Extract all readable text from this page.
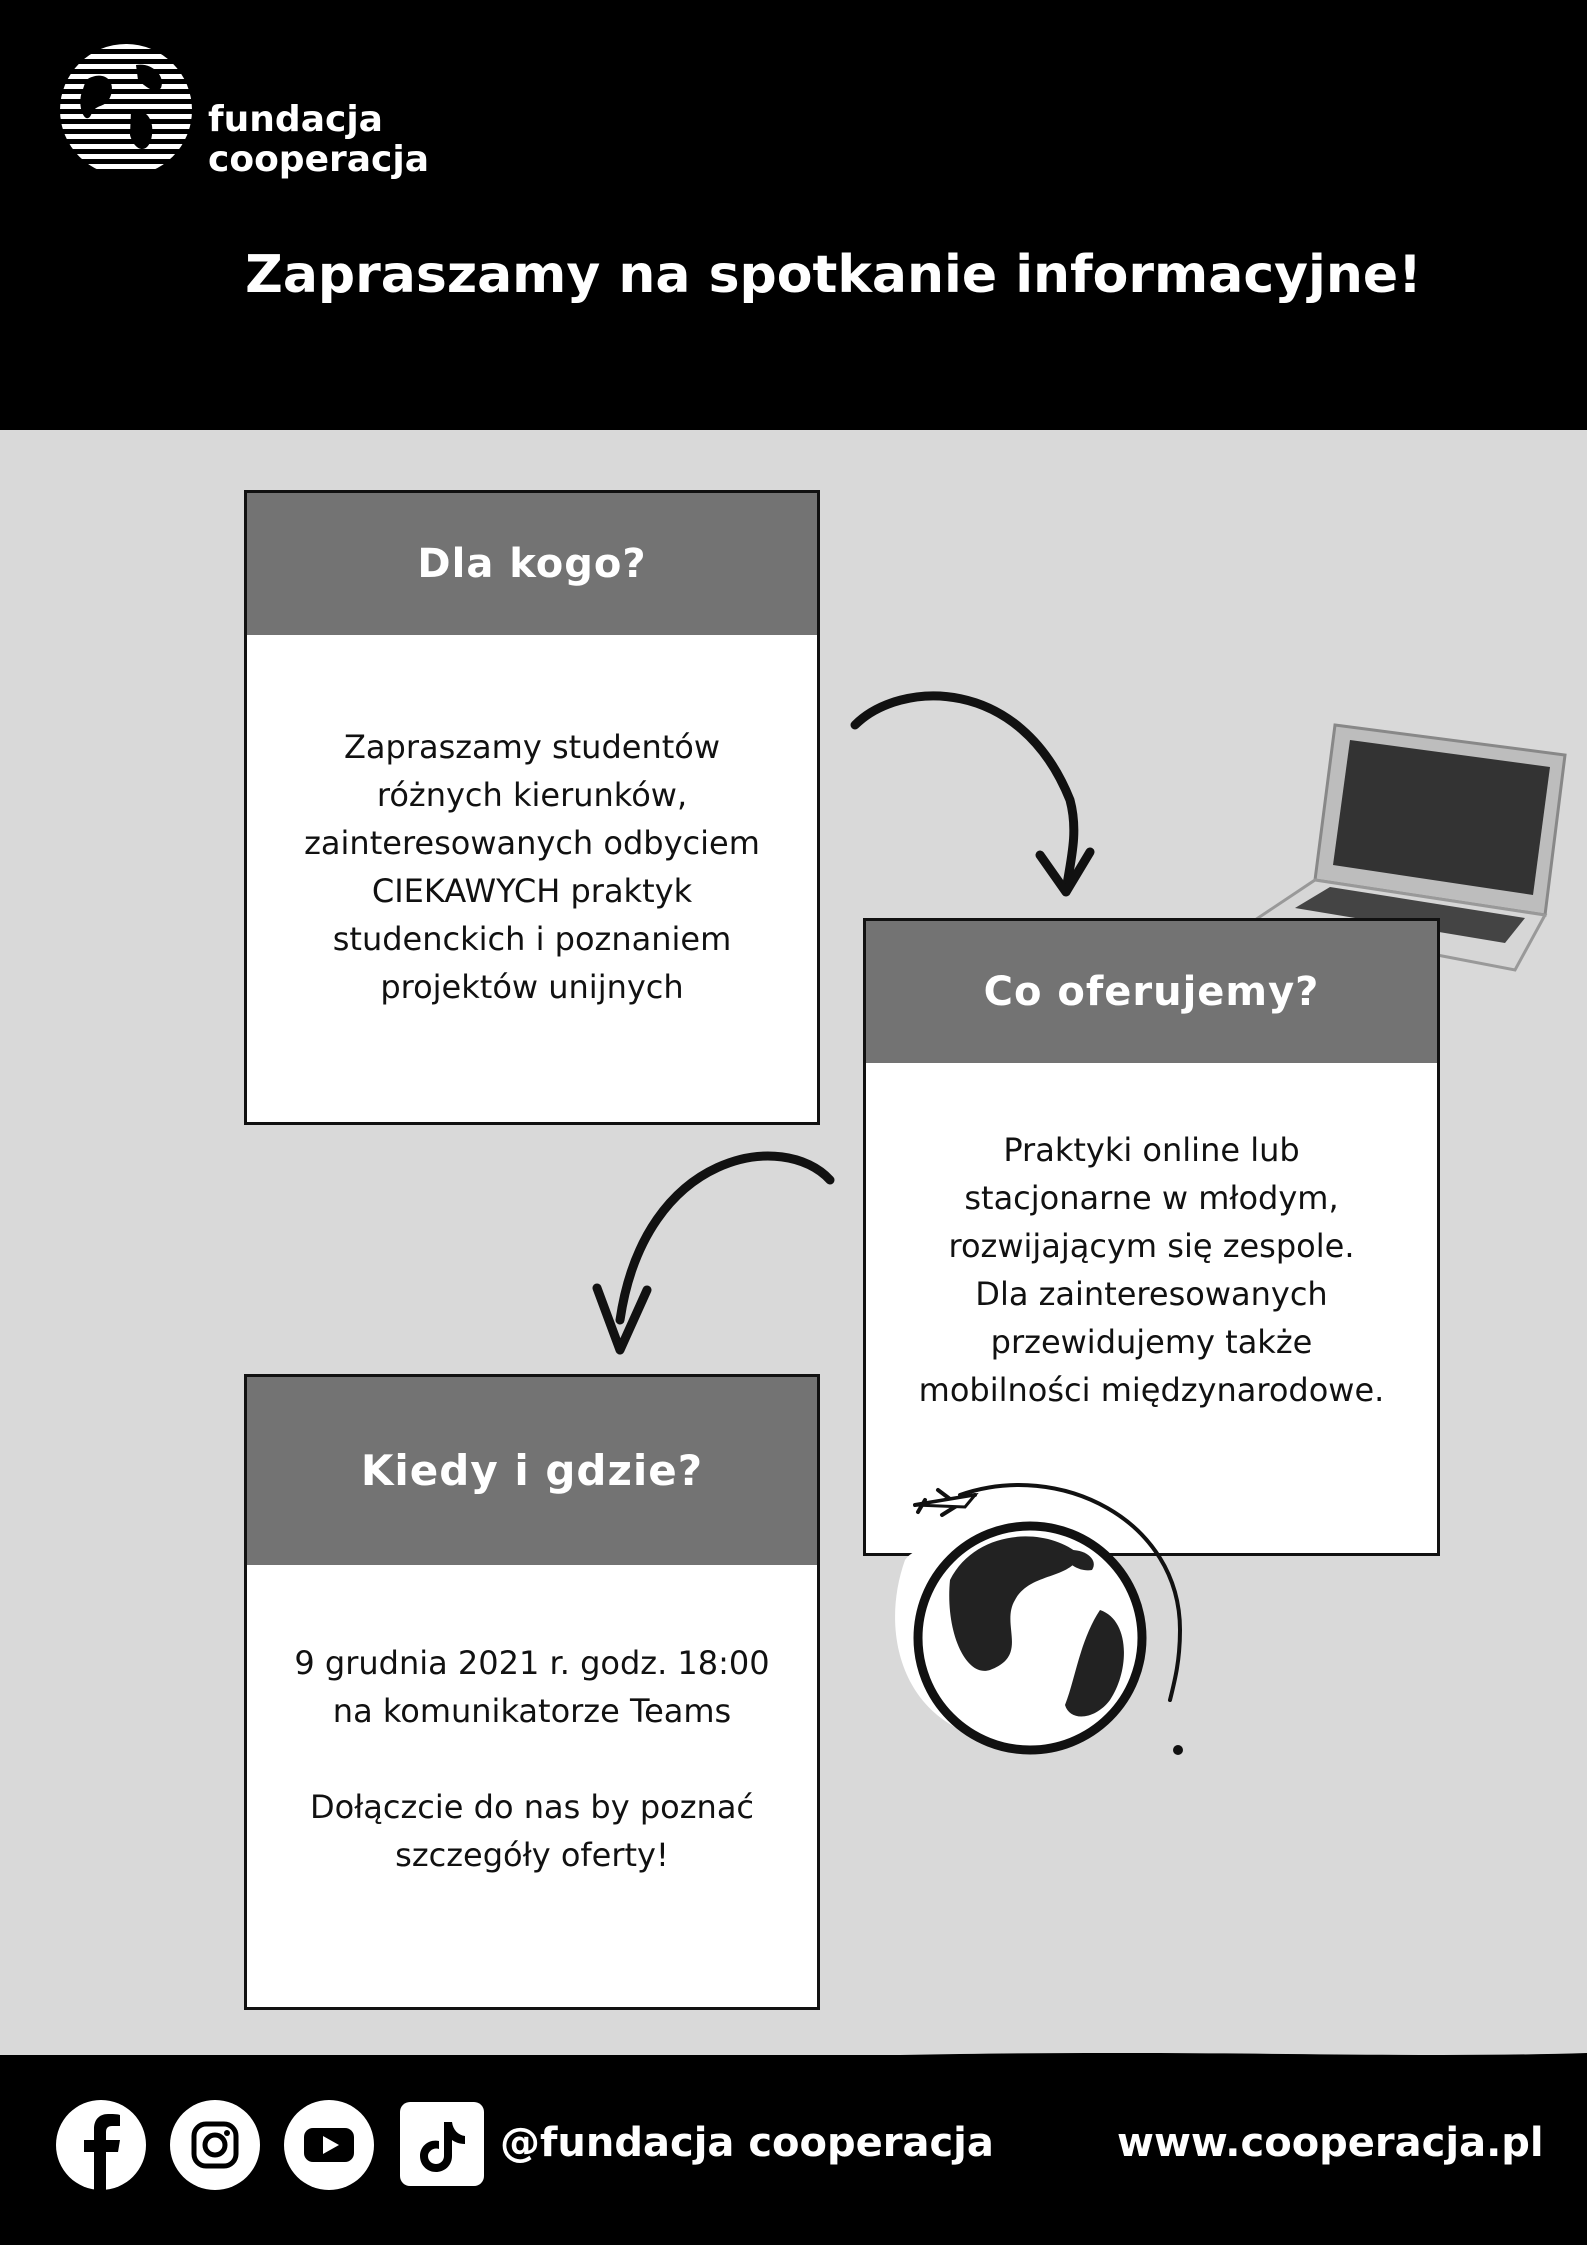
fundacja
cooperacja
Zapraszamy na spotkanie informacyjne!
Dla kogo?
Zapraszamy studentów
różnych kierunków,
zainteresowanych odbyciem
CIEKAWYCH praktyk
studenckich i poznaniem
projektów unijnych	Co oferujemy?
Praktyki online lub
stacjonarne w młodym,
rozwijającym się zespole.
Dla zainteresowanych
przewidujemy także
mobilności międzynarodowe.
Kiedy i gdzie?
9 grudnia 2021 r. godz. 18:00
na komunikatorze Teams
Dołączcie do nas by poznać
szczegóły oferty!
@fundacja cooperacja	www.cooperacja.pl
